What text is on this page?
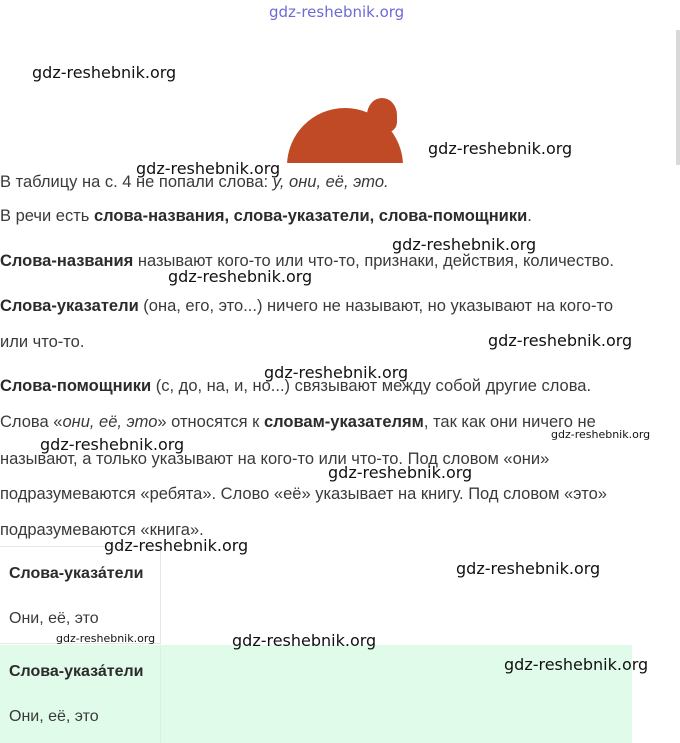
В таблицу на с. 4 не попали слова: у, они, её, это.
В речи есть слова-названия, слова-указатели, слова-помощники.
Слова-названия называют кого-то или что-то, признаки, действия, количество.
Слова-указатели (она, его, это...) ничего не называют, но указывают на кого-то
или что-то.
Слова-помощники (с, до, на, и, но...) связывают между собой другие слова.
Слова «они, её, это» относятся к словам-указателям, так как они ничего не
называют, а только указывают на кого-то или что-то. Под словом «они»
подразумеваются «ребята». Слово «её» указывает на книгу. Под словом «это»
подразумеваются «книга».
Слова-указа́тели
Они, её, это
Слова-указа́тели
Они, её, это
gdz-reshebnik.org
gdz-reshebnik.org
gdz-reshebnik.org
gdz-reshebnik.org
gdz-reshebnik.org
gdz-reshebnik.org
gdz-reshebnik.org
gdz-reshebnik.org
gdz-reshebnik.org
gdz-reshebnik.org
gdz-reshebnik.org
gdz-reshebnik.org
gdz-reshebnik.org
gdz-reshebnik.org	gdz-reshebnik.org
gdz-reshebnik.org
